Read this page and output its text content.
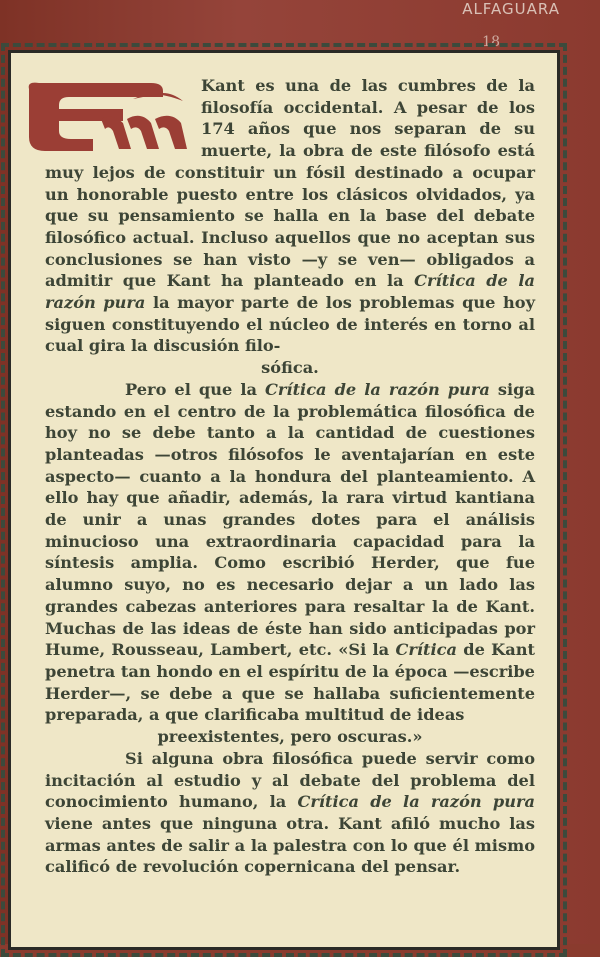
ALFAGUARA
18

Kant es una de las cumbres de la filosofía occidental. A pesar de los 174 años que nos separan de su muerte, la obra de este filósofo está muy lejos de constituir un fósil destinado a ocupar un honorable puesto entre los clásicos olvidados, ya que su pensamiento se halla en la base del debate filosófico actual. Incluso aquellos que no aceptan sus conclusiones se han visto —y se ven— obligados a admitir que Kant ha planteado en la Crítica de la razón pura la mayor parte de los problemas que hoy siguen constituyendo el núcleo de interés en torno al cual gira la discusión filo-

sófica.

Pero el que la Crítica de la razón pura siga estando en el centro de la problemática filosófica de hoy no se debe tanto a la cantidad de cuestiones planteadas —otros filósofos le aventajarían en este aspecto— cuanto a la hondura del planteamiento. A ello hay que añadir, además, la rara virtud kantiana de unir a unas grandes dotes para el análisis minucioso una extraordinaria capacidad para la síntesis amplia. Como escribió Herder, que fue alumno suyo, no es necesario dejar a un lado las grandes cabezas anteriores para resaltar la de Kant. Muchas de las ideas de éste han sido anticipadas por Hume, Rousseau, Lambert, etc. «Si la Crítica de Kant penetra tan hondo en el espíritu de la época —escribe Herder—, se debe a que se hallaba suficientemente preparada, a que clarificaba multitud de ideas

preexistentes, pero oscuras.»

Si alguna obra filosófica puede servir como incitación al estudio y al debate del problema del conocimiento humano, la Crítica de la razón pura viene antes que ninguna otra. Kant afiló mucho las armas antes de salir a la palestra con lo que él mismo calificó de revolución copernicana del pensar.
